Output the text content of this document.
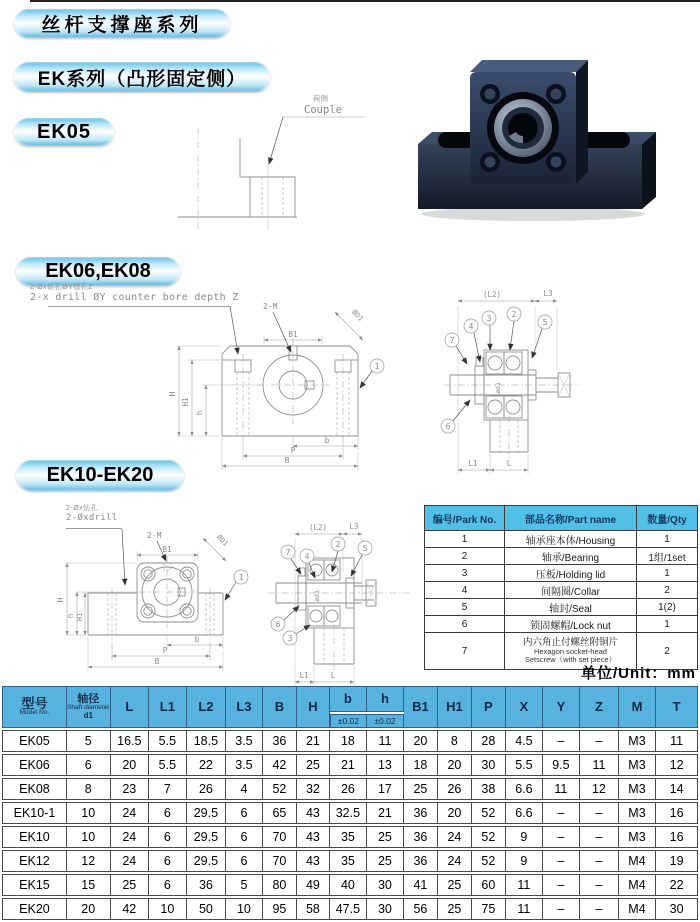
丝杆支撑座系列
EK系列（凸形固定侧）
EK05
EK06,EK08
EK10-EK20
荷侧
Couple
2-Øx钻孔ØY锪孔Z
2-x drill ØY counter bore depth Z
H
H1
h
B1
2-M
ØD1
b
P
B
1
(L2)	L3
ød1
7
4
3	2
5
6
L1	L
2-Øx钻孔
2-Øxdrill
H
h H1
B1
2-M	ØD1
b
P
B
1
(L2)	L3
ød1
7 4
2	5
6
3
L1	L
编号/Park No.	部品名称/Part name	数量/Qty
1	轴承座本体/Housing	1
2	轴承/Bearing	1组/1set
3	压板/Holding lid	1
4	间隔圈/Collar	2
5	轴封/Seal	1(2)
6	锁固螺帽/Lock nut	1
7	内六角止付螺丝附铜片
Hexagon socket-head
Setscrew（with set piece）	2
单位/Unit：mm
型号
Model No.

轴径
Shaft diameter
d1
	L	L1	L2	L3	B	H	b	h	B1	H1	P	X	Y	Z	M	T
								±0.02	±0.02								
EK05	5	16.5	5.5	18.5	3.5	36	21	18	11	20	8	28	4.5	–	–	M3	11
EK06	6	20	5.5	22	3.5	42	25	21	13	18	20	30	5.5	9.5	11	M3	12
EK08	8	23	7	26	4	52	32	26	17	25	26	38	6.6	11	12	M3	14
EK10-1	10	24	6	29.5	6	65	43	32.5	21	36	20	52	6.6	–	–	M3	16
EK10	10	24	6	29.5	6	70	43	35	25	36	24	52	9	–	–	M3	16
EK12	12	24	6	29.5	6	70	43	35	25	36	24	52	9	–	–	M4	19
EK15	15	25	6	36	5	80	49	40	30	41	25	60	11	–	–	M4	22
EK20	20	42	10	50	10	95	58	47.5	30	56	25	75	11	–	–	M4	30
